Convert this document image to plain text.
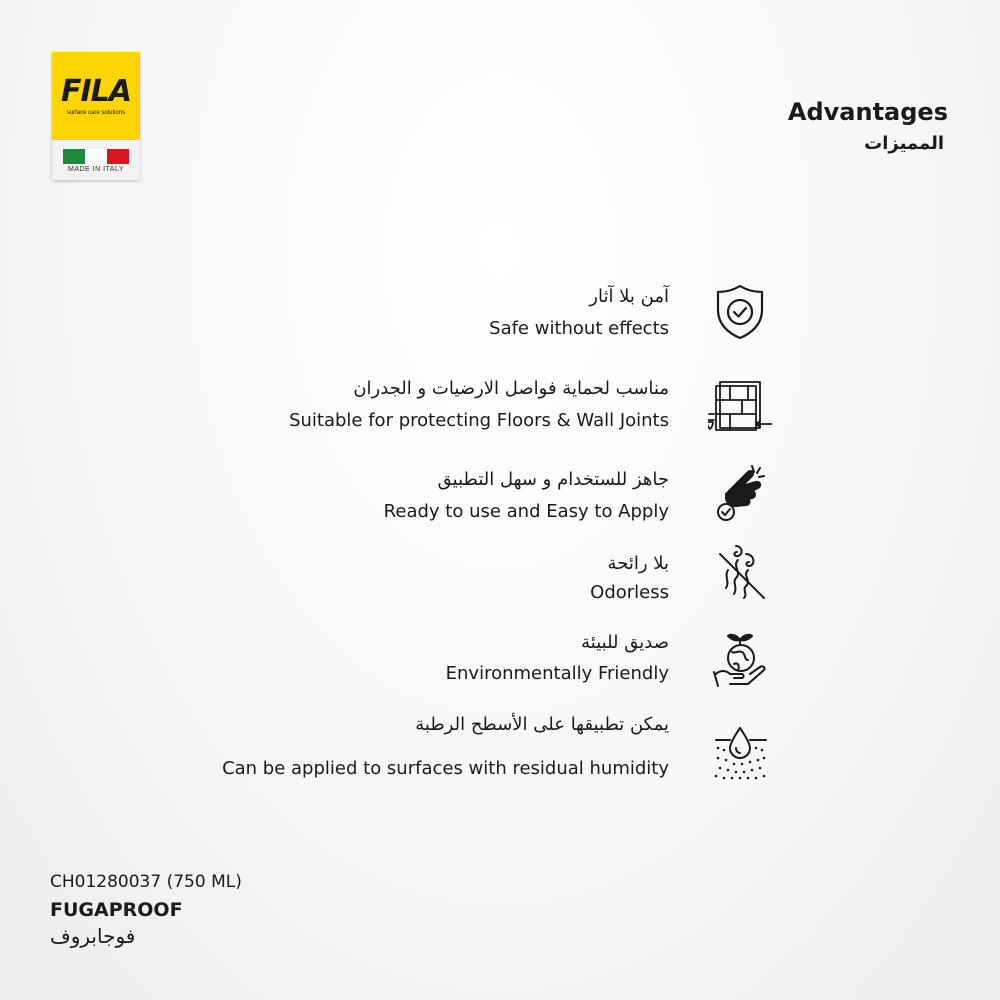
FILA
surface care solutions
MADE IN ITALY
Advantages
المميزات
آمن بلا آثار
Safe without effects
مناسب لحماية فواصل الارضيات و الجدران
Suitable for protecting Floors & Wall Joints
جاهز للستخدام و سهل التطبيق
Ready to use and Easy to Apply
بلا رائحة
Odorless
صديق للبيئة
Environmentally Friendly
يمكن تطبيقها على الأسطح الرطبة
Can be applied to surfaces with residual humidity
CH01280037 (750 ML)
FUGAPROOF
فوجابروف
